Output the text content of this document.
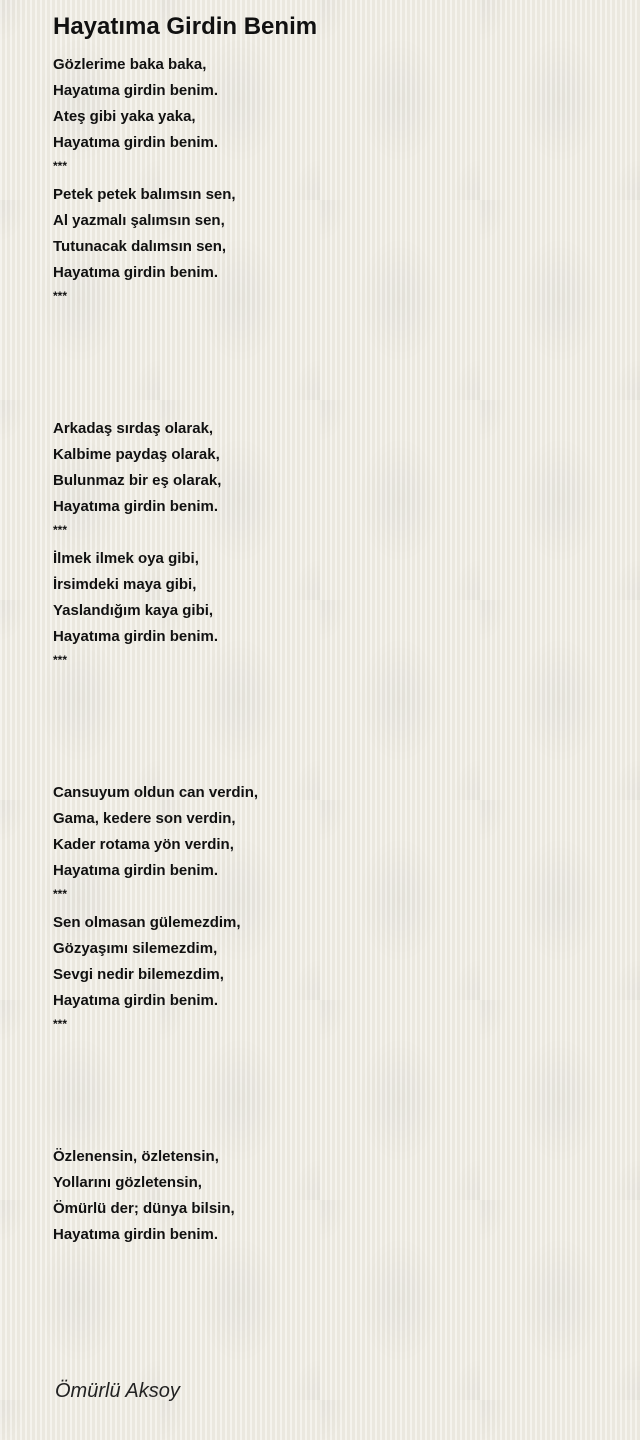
Hayatıma Girdin Benim
Gözlerime baka baka,
Hayatıma girdin benim.
Ateş gibi yaka yaka,
Hayatıma girdin benim.
***
Petek petek balımsın sen,
Al yazmalı şalımsın sen,
Tutunacak dalımsın sen,
Hayatıma girdin benim.
***
Arkadaş sırdaş olarak,
Kalbime paydaş olarak,
Bulunmaz bir eş olarak,
Hayatıma girdin benim.
***
İlmek ilmek oya gibi,
İrsimdeki maya gibi,
Yaslandığım kaya gibi,
Hayatıma girdin benim.
***
Cansuyum oldun can verdin,
Gama, kedere son verdin,
Kader rotama yön verdin,
Hayatıma girdin benim.
***
Sen olmasan gülemezdim,
Gözyaşımı silemezdim,
Sevgi nedir bilemezdim,
Hayatıma girdin benim.
***
Özlenensin, özletensin,
Yollarını gözletensin,
Ömürlü der; dünya bilsin,
Hayatıma girdin benim.
Ömürlü Aksoy
